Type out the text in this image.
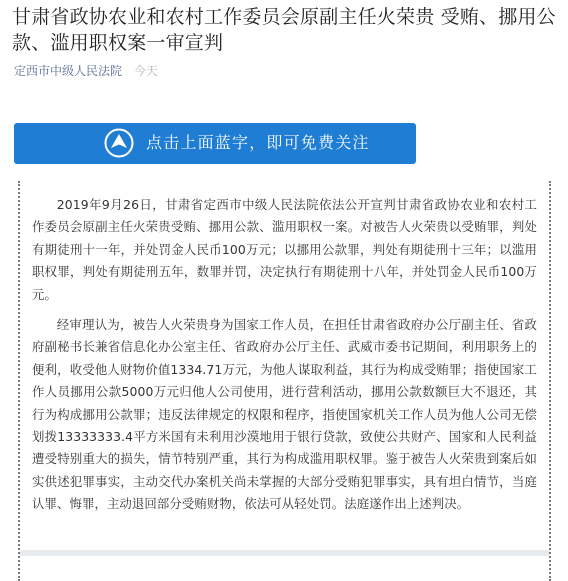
甘肃省政协农业和农村工作委员会原副主任火荣贵 受贿、挪用公款、滥用职权案一审宣判
定西市中级人民法院 今天
点击上面蓝字，即可免费关注

2019年9月26日，甘肃省定西市中级人民法院依法公开宣判甘肃省政协农业和农村工作委员会原副主任火荣贵受贿、挪用公款、滥用职权一案。对被告人火荣贵以受贿罪，判处有期徒刑十一年，并处罚金人民币100万元；以挪用公款罪，判处有期徒刑十三年；以滥用职权罪，判处有期徒刑五年，数罪并罚，决定执行有期徒刑十八年，并处罚金人民币100万元。

经审理认为，被告人火荣贵身为国家工作人员，在担任甘肃省政府办公厅副主任、省政府副秘书长兼省信息化办公室主任、省政府办公厅主任、武威市委书记期间，利用职务上的便利，收受他人财物价值1334.71万元，为他人谋取利益，其行为构成受贿罪；指使国家工作人员挪用公款5000万元归他人公司使用，进行营利活动，挪用公款数额巨大不退还，其行为构成挪用公款罪；违反法律规定的权限和程序，指使国家机关工作人员为他人公司无偿划拨13333333.4平方米国有未利用沙漠地用于银行贷款，致使公共财产、国家和人民利益遭受特别重大的损失，情节特别严重，其行为构成滥用职权罪。鉴于被告人火荣贵到案后如实供述犯罪事实，主动交代办案机关尚未掌握的大部分受贿犯罪事实，具有坦白情节，当庭认罪、悔罪，主动退回部分受贿财物，依法可从轻处罚。法庭遂作出上述判决。
